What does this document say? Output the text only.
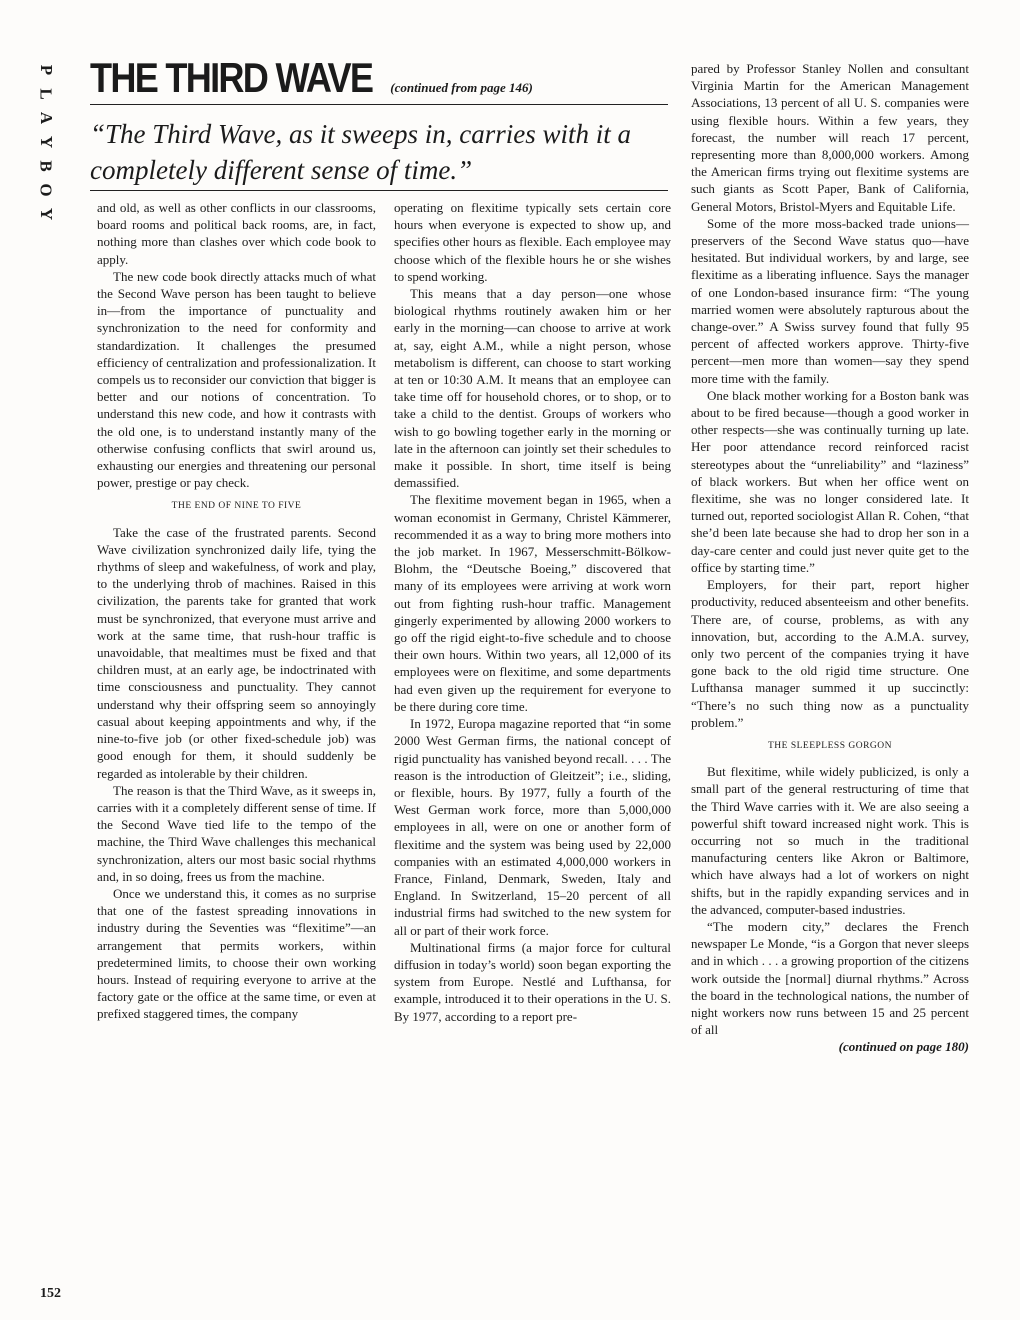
P
L
A
Y
B
O
Y
THE THIRD WAVE (continued from page 146)

“The Third Wave, as it sweeps in, carries with it a completely different sense of time.”

and old, as well as other conflicts in our classrooms, board rooms and political back rooms, are, in fact, nothing more than clashes over which code book to apply.

The new code book directly attacks much of what the Second Wave person has been taught to believe in—from the importance of punctuality and synchronization to the need for conformity and standardization. It challenges the presumed efficiency of centralization and professionalization. It compels us to reconsider our conviction that bigger is better and our notions of concentration. To understand this new code, and how it contrasts with the old one, is to understand instantly many of the otherwise confusing conflicts that swirl around us, exhausting our energies and threatening our personal power, prestige or pay check.

THE END OF NINE TO FIVE

Take the case of the frustrated parents. Second Wave civilization synchronized daily life, tying the rhythms of sleep and wakefulness, of work and play, to the underlying throb of machines. Raised in this civilization, the parents take for granted that work must be synchronized, that everyone must arrive and work at the same time, that rush-hour traffic is unavoidable, that mealtimes must be fixed and that children must, at an early age, be indoctrinated with time consciousness and punctuality. They cannot understand why their offspring seem so annoyingly casual about keeping appointments and why, if the nine-to-five job (or other fixed-schedule job) was good enough for them, it should suddenly be regarded as intolerable by their children.

The reason is that the Third Wave, as it sweeps in, carries with it a completely different sense of time. If the Second Wave tied life to the tempo of the machine, the Third Wave challenges this mechanical synchronization, alters our most basic social rhythms and, in so doing, frees us from the machine.

Once we understand this, it comes as no surprise that one of the fastest spreading innovations in industry during the Seventies was “flexitime”—an arrangement that permits workers, within predetermined limits, to choose their own working hours. Instead of requiring everyone to arrive at the factory gate or the office at the same time, or even at prefixed staggered times, the company

operating on flexitime typically sets certain core hours when everyone is expected to show up, and specifies other hours as flexible. Each employee may choose which of the flexible hours he or she wishes to spend working.

This means that a day person—one whose biological rhythms routinely awaken him or her early in the morning—can choose to arrive at work at, say, eight A.M., while a night person, whose metabolism is different, can choose to start working at ten or 10:30 A.M. It means that an employee can take time off for household chores, or to shop, or to take a child to the dentist. Groups of workers who wish to go bowling together early in the morning or late in the afternoon can jointly set their schedules to make it possible. In short, time itself is being demassified.

The flexitime movement began in 1965, when a woman economist in Germany, Christel Kämmerer, recommended it as a way to bring more mothers into the job market. In 1967, Messerschmitt-Bölkow-Blohm, the “Deutsche Boeing,” discovered that many of its employees were arriving at work worn out from fighting rush-hour traffic. Management gingerly experimented by allowing 2000 workers to go off the rigid eight-to-five schedule and to choose their own hours. Within two years, all 12,000 of its employees were on flexitime, and some departments had even given up the requirement for everyone to be there during core time.

In 1972, Europa magazine reported that “in some 2000 West German firms, the national concept of rigid punctuality has vanished beyond recall. . . . The reason is the introduction of Gleitzeit”; i.e., sliding, or flexible, hours. By 1977, fully a fourth of the West German work force, more than 5,000,000 employees in all, were on one or another form of flexitime and the system was being used by 22,000 companies with an estimated 4,000,000 workers in France, Finland, Denmark, Sweden, Italy and England. In Switzerland, 15–20 percent of all industrial firms had switched to the new system for all or part of their work force.

Multinational firms (a major force for cultural diffusion in today’s world) soon began exporting the system from Europe. Nestlé and Lufthansa, for example, introduced it to their operations in the U. S. By 1977, according to a report pre-

pared by Professor Stanley Nollen and consultant Virginia Martin for the American Management Associations, 13 percent of all U. S. companies were using flexible hours. Within a few years, they forecast, the number will reach 17 percent, representing more than 8,000,000 workers. Among the American firms trying out flexitime systems are such giants as Scott Paper, Bank of California, General Motors, Bristol-Myers and Equitable Life.

Some of the more moss-backed trade unions—preservers of the Second Wave status quo—have hesitated. But individual workers, by and large, see flexitime as a liberating influence. Says the manager of one London-based insurance firm: “The young married women were absolutely rapturous about the change-over.” A Swiss survey found that fully 95 percent of affected workers approve. Thirty-five percent—men more than women—say they spend more time with the family.

One black mother working for a Boston bank was about to be fired because—though a good worker in other respects—she was continually turning up late. Her poor attendance record reinforced racist stereotypes about the “unreliability” and “laziness” of black workers. But when her office went on flexitime, she was no longer considered late. It turned out, reported sociologist Allan R. Cohen, “that she’d been late because she had to drop her son in a day-care center and could just never quite get to the office by starting time.”

Employers, for their part, report higher productivity, reduced absenteeism and other benefits. There are, of course, problems, as with any innovation, but, according to the A.M.A. survey, only two percent of the companies trying it have gone back to the old rigid time structure. One Lufthansa manager summed it up succinctly: “There’s no such thing now as a punctuality problem.”

THE SLEEPLESS GORGON

But flexitime, while widely publicized, is only a small part of the general restructuring of time that the Third Wave carries with it. We are also seeing a powerful shift toward increased night work. This is occurring not so much in the traditional manufacturing centers like Akron or Baltimore, which have always had a lot of workers on night shifts, but in the rapidly expanding services and in the advanced, computer-based industries.

“The modern city,” declares the French newspaper Le Monde, “is a Gorgon that never sleeps and in which . . . a growing proportion of the citizens work outside the [normal] diurnal rhythms.” Across the board in the technological nations, the number of night workers now runs between 15 and 25 percent of all

(continued on page 180)
152
